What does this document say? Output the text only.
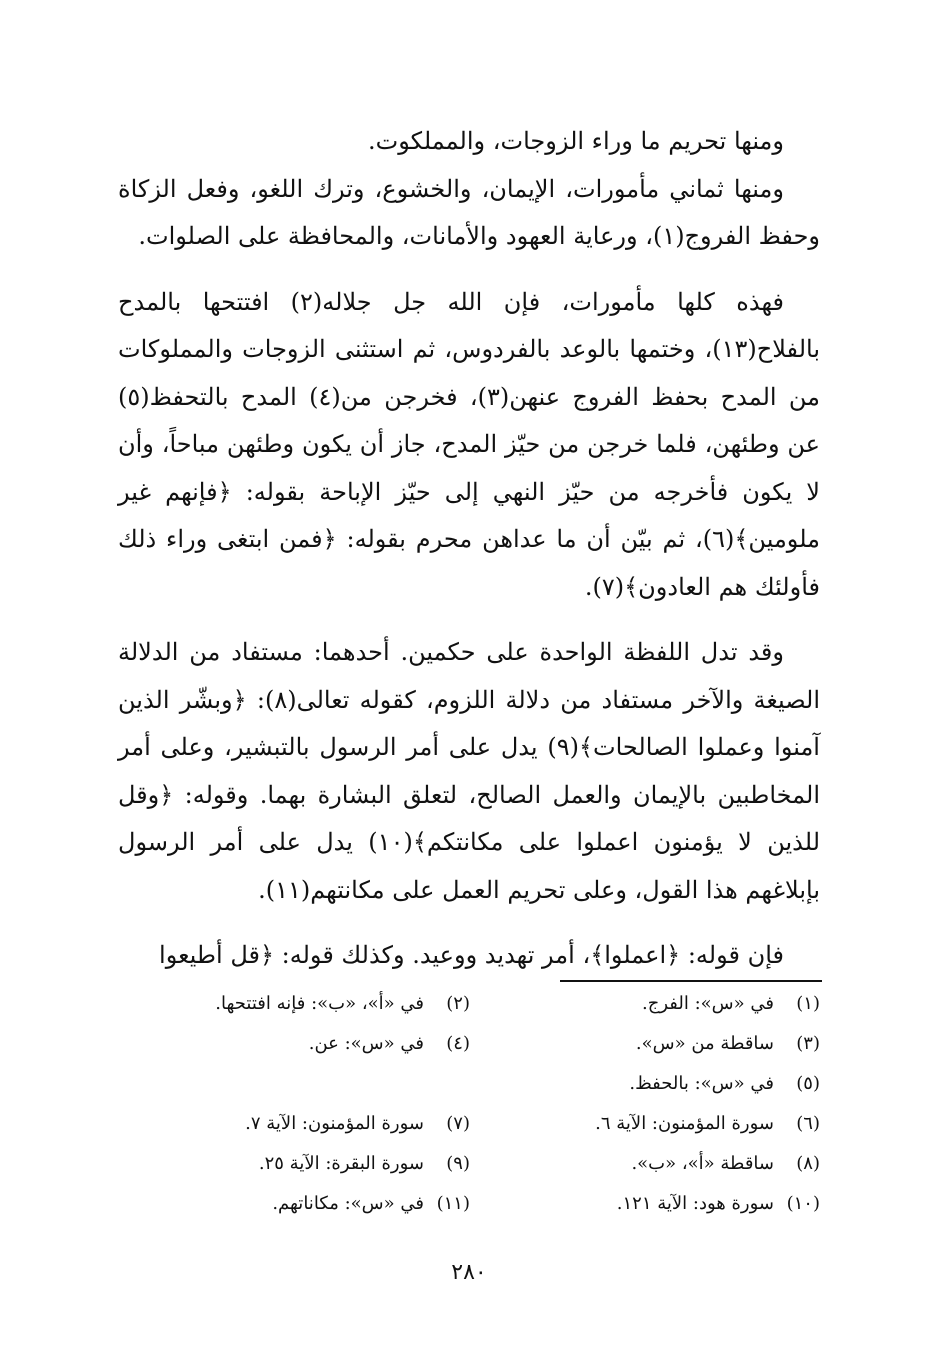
ومنها تحريم ما وراء الزوجات، والمملكوت.

ومنها ثماني مأمورات، الإيمان، والخشوع، وترك اللغو، وفعل الزكاة وحفظ الفروج(١)، ورعاية العهود والأمانات، والمحافظة على الصلوات.

فهذه كلها مأمورات، فإن الله جل جلاله(٢) افتتحها بالمدح بالفلاح(١٣)، وختمها بالوعد بالفردوس، ثم استثنى الزوجات والمملوكات من المدح بحفظ الفروج عنهن(٣)، فخرجن من(٤) المدح بالتحفظ(٥) عن وطئهن، فلما خرجن من حيّز المدح، جاز أن يكون وطئهن مباحاً، وأن لا يكون فأخرجه من حيّز النهي إلى حيّز الإباحة بقوله: ﴿فإنهم غير ملومين﴾(٦)، ثم بيّن أن ما عداهن محرم بقوله: ﴿فمن ابتغى وراء ذلك فأولئك هم العادون﴾(٧).

وقد تدل اللفظة الواحدة على حكمين. أحدهما: مستفاد من الدلالة الصيغة والآخر مستفاد من دلالة اللزوم، كقوله تعالى(٨): ﴿وبشّر الذين آمنوا وعملوا الصالحات﴾(٩) يدل على أمر الرسول بالتبشير، وعلى أمر المخاطبين بالإيمان والعمل الصالح، لتعلق البشارة بهما. وقوله: ﴿وقل للذين لا يؤمنون اعملوا على مكانتكم﴾(١٠) يدل على أمر الرسول بإبلاغهم هذا القول، وعلى تحريم العمل على مكانتهم(١١).

فإن قوله: ﴿اعملوا﴾، أمر تهديد ووعيد. وكذلك قوله: ﴿قل أطيعوا

(١)في «س»: الفرج.
(٢)في «أ»، «ب»: فإنه افتتحها.
(٣)ساقطة من «س».
(٤)في «س»: عن.
(٥)في «س»: بالحفظ.
(٦)سورة المؤمنون: الآية ٦.
(٧)سورة المؤمنون: الآية ٧.
(٨)ساقطة «أ»، «ب».
(٩)سورة البقرة: الآية ٢٥.
(١٠)سورة هود: الآية ١٢١.
(١١)في «س»: مكاناتهم.
٢٨٠
